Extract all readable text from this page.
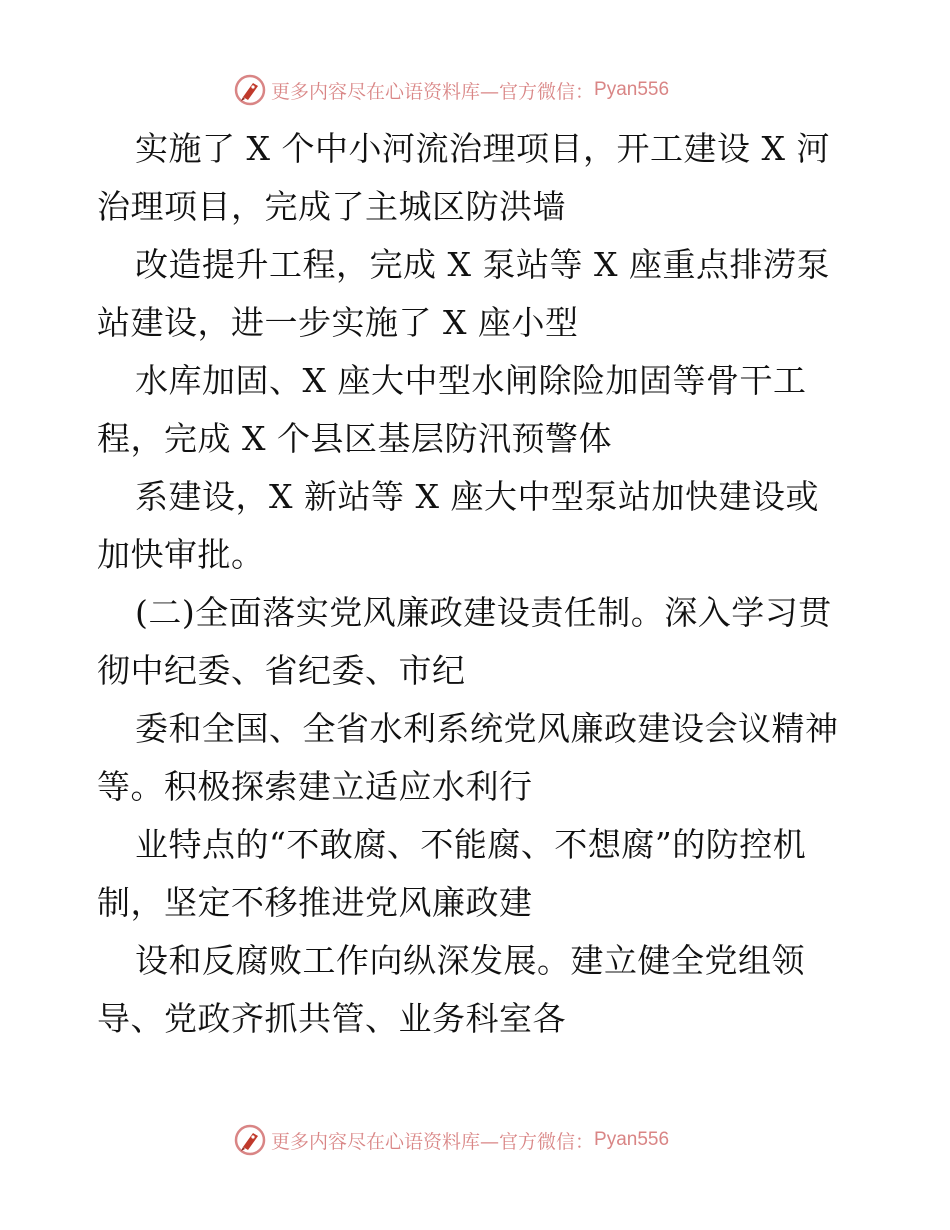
更多内容尽在心语资料库—官方微信： Pyan556
实施了 X 个中小河流治理项目，开工建设 X 河
治理项目，完成了主城区防洪墙
改造提升工程，完成 X 泵站等 X 座重点排涝泵
站建设，进一步实施了 X 座小型
水库加固、X 座大中型水闸除险加固等骨干工
程，完成 X 个县区基层防汛预警体
系建设，X 新站等 X 座大中型泵站加快建设或
加快审批。
(二)全面落实党风廉政建设责任制。深入学习贯
彻中纪委、省纪委、市纪
委和全国、全省水利系统党风廉政建设会议精神
等。积极探索建立适应水利行
业特点的“不敢腐、不能腐、不想腐”的防控机
制，坚定不移推进党风廉政建
设和反腐败工作向纵深发展。建立健全党组领
导、党政齐抓共管、业务科室各
更多内容尽在心语资料库—官方微信： Pyan556
